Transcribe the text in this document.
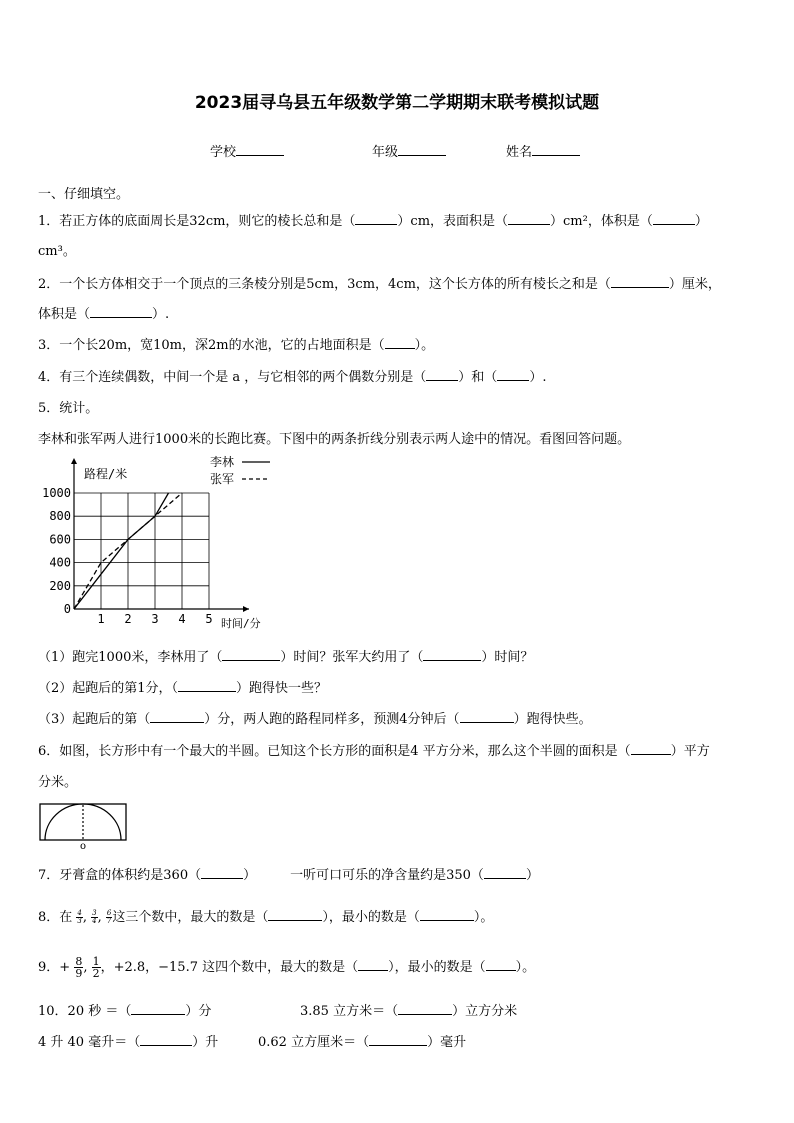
2023届寻乌县五年级数学第二学期期末联考模拟试题
学校	年级	姓名
一、仔细填空。
1．若正方体的底面周长是32cm，则它的棱长总和是（	）cm，表面积是（	）cm²，体积是（	）
cm³。
2．一个长方体相交于一个顶点的三条棱分别是5cm，3cm，4cm，这个长方体的所有棱长之和是（	）厘米，
体积是（	）.
3．一个长20m，宽10m，深2m的水池，它的占地面积是（ ）。
4．有三个连续偶数，中间一个是 a ，与它相邻的两个偶数分别是（ ）和（ ）.
5．统计。
李林和张军两人进行1000米的长跑比赛。下图中的两条折线分别表示两人途中的情况。看图回答问题。
0
200
400
600
800
1000
1 2 3 4 5
路程/米
时间/分
李林
张军
（1）跑完1000米，李林用了（	）时间？张军大约用了（	）时间？
（2）起跑后的第1分，（	）跑得快一些？
（3）起跑后的第（	）分，两人跑的路程同样多，预测4分钟后（	）跑得快些。
6．如图，长方形中有一个最大的半圆。已知这个长方形的面积是4 平方分米，那么这个半圆的面积是（	）平方
分米。
o
7．牙膏盒的体积约是360（	）	一听可口可乐的净含量约是350（	）
8．在 $\frac{4}{3}$ , $\frac{3}{4}$ , $\frac{6}{7}$ 这三个数中，最大的数是（	），最小的数是（	）。
9．+ $\frac{8}{9}$ , $\frac{1}{2}$ ，+2.8，−15.7 这四个数中，最大的数是（ ），最小的数是（ ）。
10．20 秒 ＝（	）分	3.85 立方米＝（	）立方分米
4 升 40 毫升＝（	）升	0.62 立方厘米＝（	）毫升
